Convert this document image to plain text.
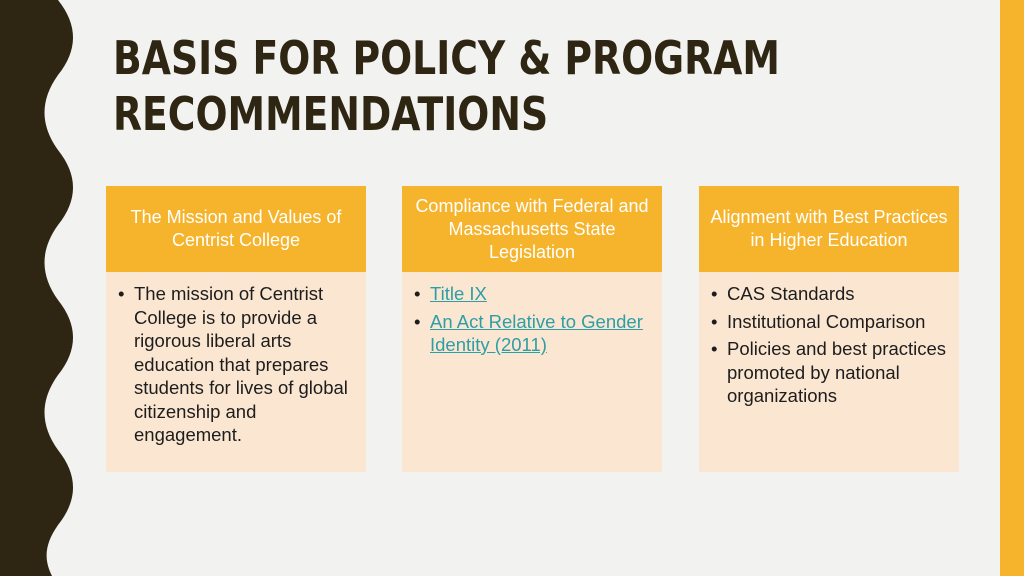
BASIS FOR POLICY & PROGRAM RECOMMENDATIONS
The Mission and Values of Centrist College
• The mission of Centrist College is to provide a rigorous liberal arts education that prepares students for lives of global citizenship and engagement.
Compliance with Federal and Massachusetts State Legislation
• Title IX
• An Act Relative to Gender Identity (2011)
Alignment with Best Practices in Higher Education
• CAS Standards
• Institutional Comparison
• Policies and best practices promoted by national organizations
